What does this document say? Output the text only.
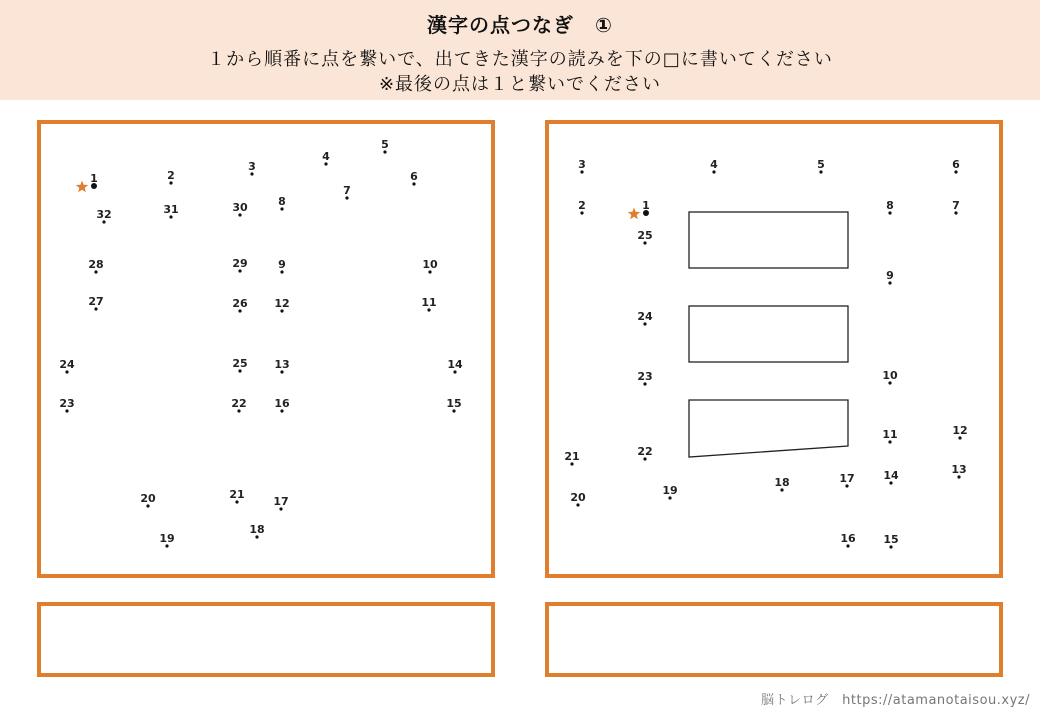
漢字の点つなぎ　①
１から順番に点を繋いで、出てきた漢字の読みを下の□に書いてください
※最後の点は１と繋いでください
1	2
3
4
5
6
7
8
9	10
11
12
13	14
15
16
17
18
19
20	21
22
23
24	25
26
27
28	29
30
31
32
1
2
3	4	5	6
7
8
9
10
11	12
13
14
15
16
17
18
19
20
21	22
23
24
25
脳トレログ　https://atamanotaisou.xyz/
